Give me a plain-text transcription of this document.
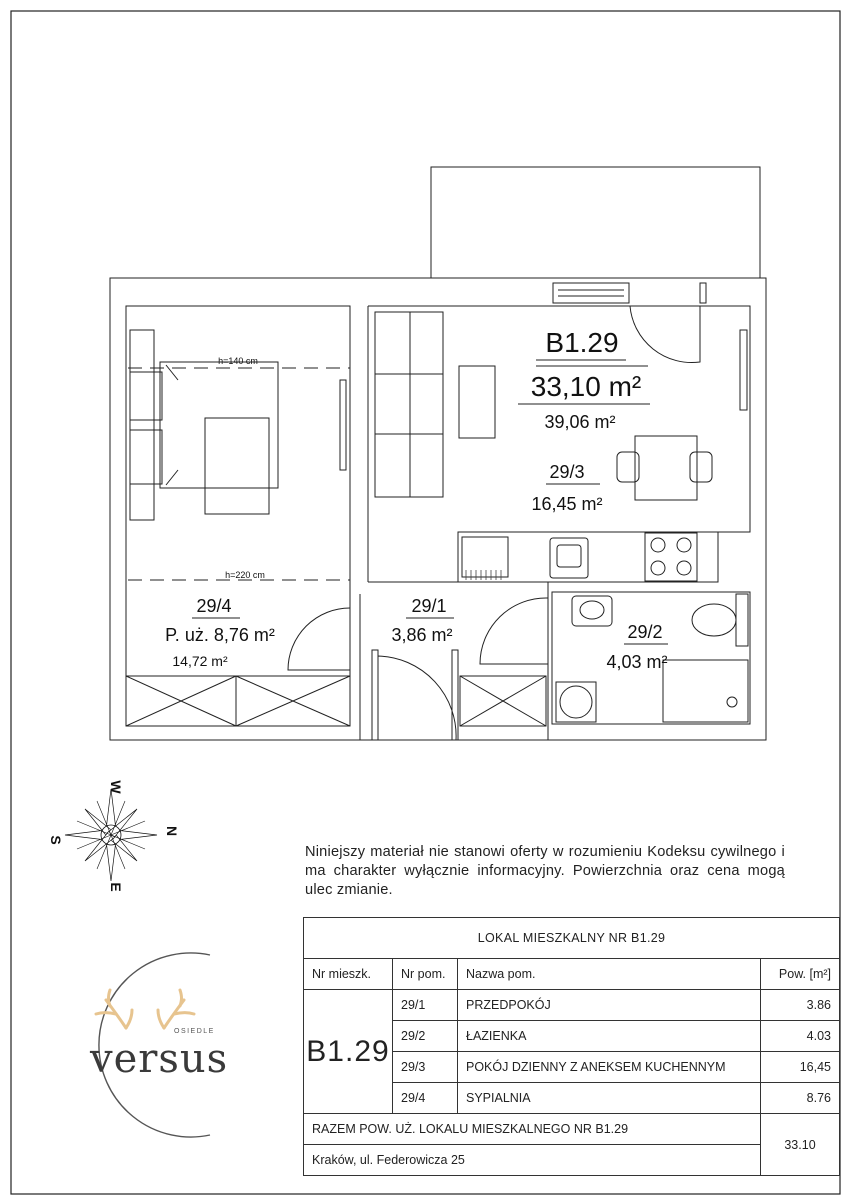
B1.29
33,10 m²
39,06 m²
29/3
16,45 m²
29/4
P. uż. 8,76 m²
14,72 m²
29/1
3,86 m²	29/2
4,03 m²
h=140 cm
h=220 cm
W
E
S
N
Niniejszy materiał nie stanowi oferty w rozumieniu Kodeksu cywilnego i ma charakter wyłącznie informacyjny. Powierzchnia oraz cena mogą ulec zmianie.
versus
OSIEDLE
LOKAL MIESZKALNY NR B1.29			
Nr mieszk.	Nr pom.	Nazwa pom.	Pow. [m²]
B1.29	29/1	PRZEDPOKÓJ	3.86
	29/2	ŁAZIENKA	4.03
	29/3	POKÓJ DZIENNY Z ANEKSEM KUCHENNYM	16,45
	29/4	SYPIALNIA	8.76
RAZEM POW. UŻ. LOKALU MIESZKALNEGO NR B1.29			33.10
Kraków, ul. Federowicza 25			
